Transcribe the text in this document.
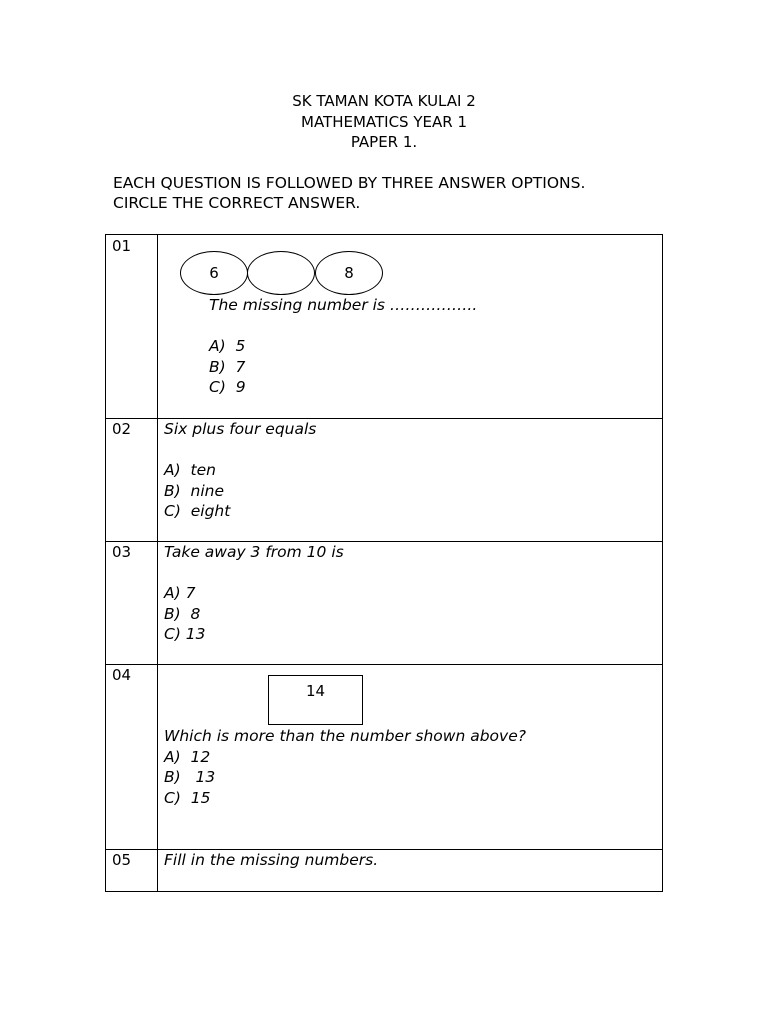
SK TAMAN KOTA KULAI 2
MATHEMATICS YEAR 1
PAPER 1.
EACH QUESTION IS FOLLOWED BY THREE ANSWER OPTIONS.
CIRCLE THE CORRECT ANSWER.
01
6	8
The missing number is ……………..
A)  5
B)  7
C)  9
02 Six plus four equals
A)  ten
B)  nine
C)  eight
03 Take away 3 from 10 is
A) 7
B)  8
C) 13
04
14
Which is more than the number shown above?
A)  12
B)   13
C)  15
05 Fill in the missing numbers.
